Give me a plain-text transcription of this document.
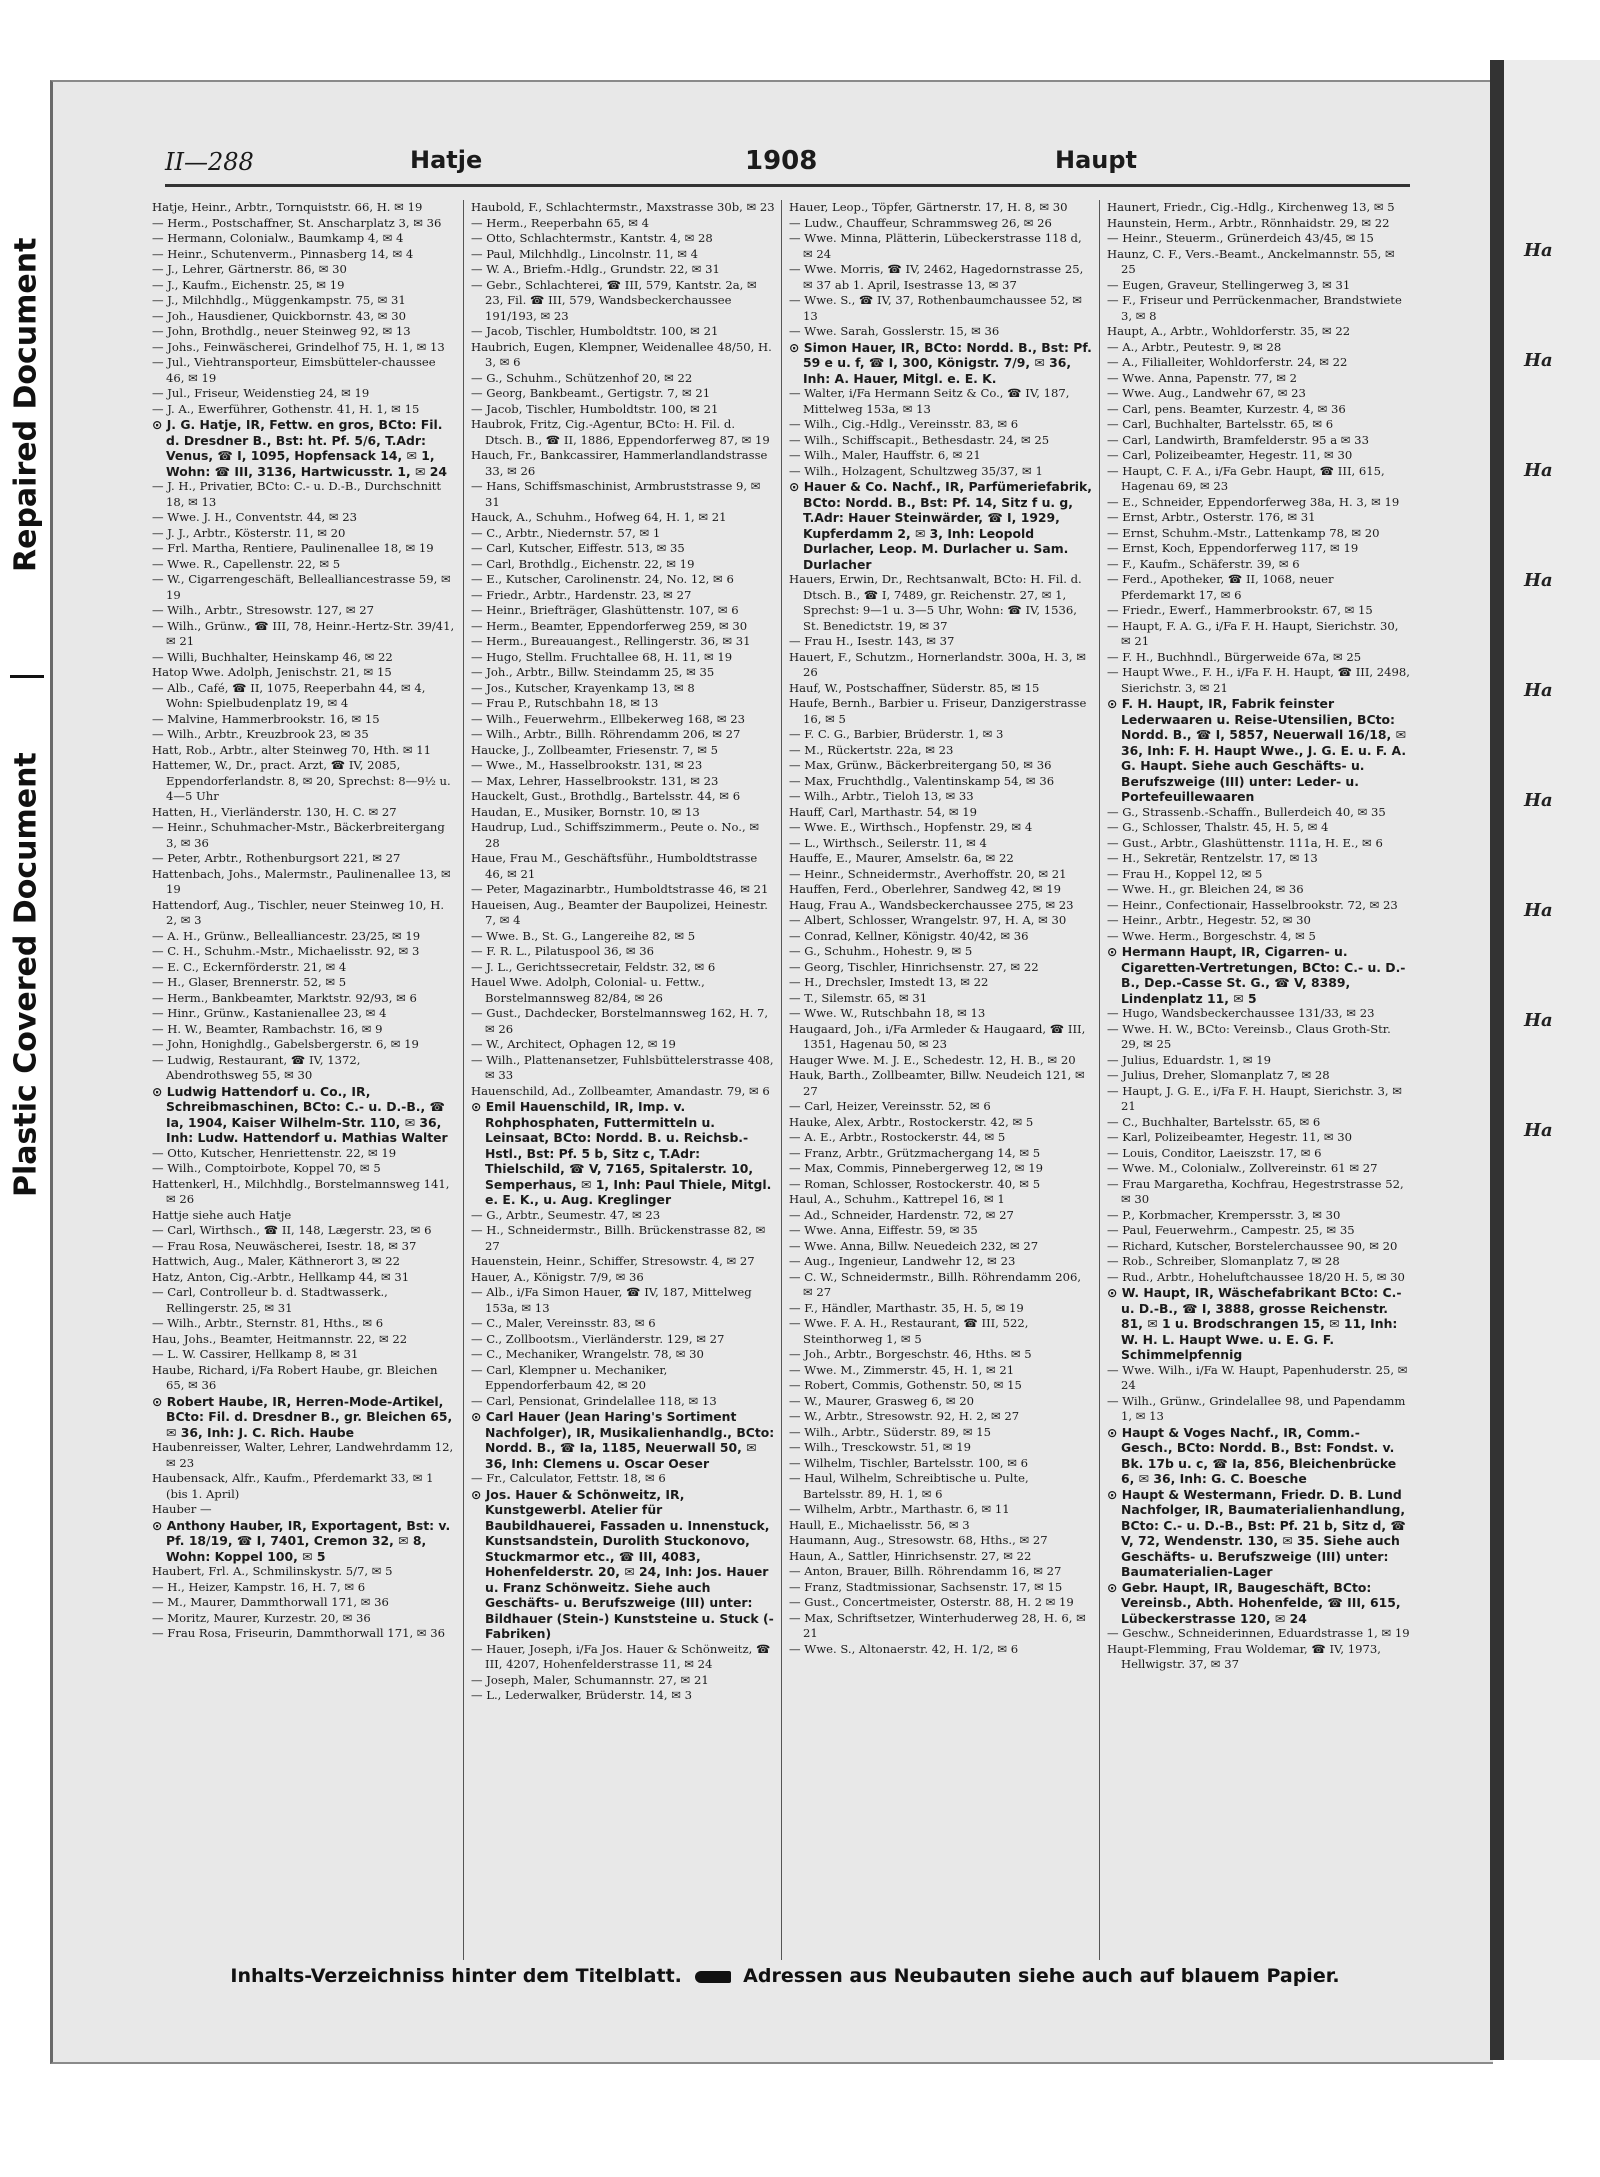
Repaired Document
Plastic Covered Document
Ha
Ha
Ha
Ha
Ha
Ha
Ha
Ha
Ha
II—288	Hatje	1908	Haupt

Hatje, Heinr., Arbtr., Tornquiststr. 66, H. ✉ 19

— Herm., Postschaffner, St. Anscharplatz 3, ✉ 36

— Hermann, Colonialw., Baumkamp 4, ✉ 4

— Heinr., Schutenverm., Pinnasberg 14, ✉ 4

— J., Lehrer, Gärtnerstr. 86, ✉ 30

— J., Kaufm., Eichenstr. 25, ✉ 19

— J., Milchhdlg., Müggenkampstr. 75, ✉ 31

— Joh., Hausdiener, Quickbornstr. 43, ✉ 30

— John, Brothdlg., neuer Steinweg 92, ✉ 13

— Johs., Feinwäscherei, Grindelhof 75, H. 1, ✉ 13

— Jul., Viehtransporteur, Eimsbütteler-chaussee 46, ✉ 19

— Jul., Friseur, Weidenstieg 24, ✉ 19

— J. A., Ewerführer, Gothenstr. 41, H. 1, ✉ 15

⊙ J. G. Hatje, IR, Fettw. en gros, BCto: Fil. d. Dresdner B., Bst: ht. Pf. 5/6, T.Adr: Venus, ☎ I, 1095, Hopfensack 14, ✉ 1, Wohn: ☎ III, 3136, Hartwicusstr. 1, ✉ 24

— J. H., Privatier, BCto: C.- u. D.-B., Durchschnitt 18, ✉ 13

— Wwe. J. H., Conventstr. 44, ✉ 23

— J. J., Arbtr., Kösterstr. 11, ✉ 20

— Frl. Martha, Rentiere, Paulinenallee 18, ✉ 19

— Wwe. R., Capellenstr. 22, ✉ 5

— W., Cigarrengeschäft, Bellealliancestrasse 59, ✉ 19

— Wilh., Arbtr., Stresowstr. 127, ✉ 27

— Wilh., Grünw., ☎ III, 78, Heinr.-Hertz-Str. 39/41, ✉ 21

— Willi, Buchhalter, Heinskamp 46, ✉ 22

Hatop Wwe. Adolph, Jenischstr. 21, ✉ 15

— Alb., Café, ☎ II, 1075, Reeperbahn 44, ✉ 4, Wohn: Spielbudenplatz 19, ✉ 4

— Malvine, Hammerbrookstr. 16, ✉ 15

— Wilh., Arbtr., Kreuzbrook 23, ✉ 35

Hatt, Rob., Arbtr., alter Steinweg 70, Hth. ✉ 11

Hattemer, W., Dr., pract. Arzt, ☎ IV, 2085, Eppendorferlandstr. 8, ✉ 20, Sprechst: 8—9½ u. 4—5 Uhr

Hatten, H., Vierländerstr. 130, H. C. ✉ 27

— Heinr., Schuhmacher-Mstr., Bäckerbreitergang 3, ✉ 36

— Peter, Arbtr., Rothenburgsort 221, ✉ 27

Hattenbach, Johs., Malermstr., Paulinenallee 13, ✉ 19

Hattendorf, Aug., Tischler, neuer Steinweg 10, H. 2, ✉ 3

— A. H., Grünw., Bellealliancestr. 23/25, ✉ 19

— C. H., Schuhm.-Mstr., Michaelisstr. 92, ✉ 3

— E. C., Eckernförderstr. 21, ✉ 4

— H., Glaser, Brennerstr. 52, ✉ 5

— Herm., Bankbeamter, Marktstr. 92/93, ✉ 6

— Hinr., Grünw., Kastanienallee 23, ✉ 4

— H. W., Beamter, Rambachstr. 16, ✉ 9

— John, Honighdlg., Gabelsbergerstr. 6, ✉ 19

— Ludwig, Restaurant, ☎ IV, 1372, Abendrothsweg 55, ✉ 30

⊙ Ludwig Hattendorf u. Co., IR, Schreibmaschinen, BCto: C.- u. D.-B., ☎ Ia, 1904, Kaiser Wilhelm-Str. 110, ✉ 36, Inh: Ludw. Hattendorf u. Mathias Walter

— Otto, Kutscher, Henriettenstr. 22, ✉ 19

— Wilh., Comptoirbote, Koppel 70, ✉ 5

Hattenkerl, H., Milchhdlg., Borstelmannsweg 141, ✉ 26

Hattje siehe auch Hatje

— Carl, Wirthsch., ☎ II, 148, Lægerstr. 23, ✉ 6

— Frau Rosa, Neuwäscherei, Isestr. 18, ✉ 37

Hattwich, Aug., Maler, Käthnerort 3, ✉ 22

Hatz, Anton, Cig.-Arbtr., Hellkamp 44, ✉ 31

— Carl, Controlleur b. d. Stadtwasserk., Rellingerstr. 25, ✉ 31

— Wilh., Arbtr., Sternstr. 81, Hths., ✉ 6

Hau, Johs., Beamter, Heitmannstr. 22, ✉ 22

— L. W. Cassirer, Hellkamp 8, ✉ 31

Haube, Richard, i/Fa Robert Haube, gr. Bleichen 65, ✉ 36

⊙ Robert Haube, IR, Herren-Mode-Artikel, BCto: Fil. d. Dresdner B., gr. Bleichen 65, ✉ 36, Inh: J. C. Rich. Haube

Haubenreisser, Walter, Lehrer, Landwehrdamm 12, ✉ 23

Haubensack, Alfr., Kaufm., Pferdemarkt 33, ✉ 1 (bis 1. April)

Hauber —

⊙ Anthony Hauber, IR, Exportagent, Bst: v. Pf. 18/19, ☎ I, 7401, Cremon 32, ✉ 8, Wohn: Koppel 100, ✉ 5

Haubert, Frl. A., Schmilinskystr. 5/7, ✉ 5

— H., Heizer, Kampstr. 16, H. 7, ✉ 6

— M., Maurer, Dammthorwall 171, ✉ 36

— Moritz, Maurer, Kurzestr. 20, ✉ 36

— Frau Rosa, Friseurin, Dammthorwall 171, ✉ 36

Haubold, F., Schlachtermstr., Maxstrasse 30b, ✉ 23

— Herm., Reeperbahn 65, ✉ 4

— Otto, Schlachtermstr., Kantstr. 4, ✉ 28

— Paul, Milchhdlg., Lincolnstr. 11, ✉ 4

— W. A., Briefm.-Hdlg., Grundstr. 22, ✉ 31

— Gebr., Schlachterei, ☎ III, 579, Kantstr. 2a, ✉ 23, Fil. ☎ III, 579, Wandsbeckerchaussee 191/193, ✉ 23

— Jacob, Tischler, Humboldtstr. 100, ✉ 21

Haubrich, Eugen, Klempner, Weidenallee 48/50, H. 3, ✉ 6

— G., Schuhm., Schützenhof 20, ✉ 22

— Georg, Bankbeamt., Gertigstr. 7, ✉ 21

— Jacob, Tischler, Humboldtstr. 100, ✉ 21

Haubrok, Fritz, Cig.-Agentur, BCto: H. Fil. d. Dtsch. B., ☎ II, 1886, Eppendorferweg 87, ✉ 19

Hauch, Fr., Bankcassirer, Hammerlandlandstrasse 33, ✉ 26

— Hans, Schiffsmaschinist, Armbruststrasse 9, ✉ 31

Hauck, A., Schuhm., Hofweg 64, H. 1, ✉ 21

— C., Arbtr., Niedernstr. 57, ✉ 1

— Carl, Kutscher, Eiffestr. 513, ✉ 35

— Carl, Brothdlg., Eichenstr. 22, ✉ 19

— E., Kutscher, Carolinenstr. 24, No. 12, ✉ 6

— Friedr., Arbtr., Hardenstr. 23, ✉ 27

— Heinr., Briefträger, Glashüttenstr. 107, ✉ 6

— Herm., Beamter, Eppendorferweg 259, ✉ 30

— Herm., Bureauangest., Rellingerstr. 36, ✉ 31

— Hugo, Stellm. Fruchtallee 68, H. 11, ✉ 19

— Joh., Arbtr., Billw. Steindamm 25, ✉ 35

— Jos., Kutscher, Krayenkamp 13, ✉ 8

— Frau P., Rutschbahn 18, ✉ 13

— Wilh., Feuerwehrm., Ellbekerweg 168, ✉ 23

— Wilh., Arbtr., Billh. Röhrendamm 206, ✉ 27

Haucke, J., Zollbeamter, Friesenstr. 7, ✉ 5

— Wwe., M., Hasselbrookstr. 131, ✉ 23

— Max, Lehrer, Hasselbrookstr. 131, ✉ 23

Hauckelt, Gust., Brothdlg., Bartelsstr. 44, ✉ 6

Haudan, E., Musiker, Bornstr. 10, ✉ 13

Haudrup, Lud., Schiffszimmerm., Peute o. No., ✉ 28

Haue, Frau M., Geschäftsführ., Humboldtstrasse 46, ✉ 21

— Peter, Magazinarbtr., Humboldtstrasse 46, ✉ 21

Haueisen, Aug., Beamter der Baupolizei, Heinestr. 7, ✉ 4

— Wwe. B., St. G., Langereihe 82, ✉ 5

— F. R. L., Pilatuspool 36, ✉ 36

— J. L., Gerichtssecretair, Feldstr. 32, ✉ 6

Hauel Wwe. Adolph, Colonial- u. Fettw., Borstelmannsweg 82/84, ✉ 26

— Gust., Dachdecker, Borstelmannsweg 162, H. 7, ✉ 26

— W., Architect, Ophagen 12, ✉ 19

— Wilh., Plattenansetzer, Fuhlsbüttelerstrasse 408, ✉ 33

Hauenschild, Ad., Zollbeamter, Amandastr. 79, ✉ 6

⊙ Emil Hauenschild, IR, Imp. v. Rohphosphaten, Futtermitteln u. Leinsaat, BCto: Nordd. B. u. Reichsb.-Hstl., Bst: Pf. 5 b, Sitz c, T.Adr: Thielschild, ☎ V, 7165, Spitalerstr. 10, Semperhaus, ✉ 1, Inh: Paul Thiele, Mitgl. e. E. K., u. Aug. Kreglinger

— G., Arbtr., Seumestr. 47, ✉ 23

— H., Schneidermstr., Billh. Brückenstrasse 82, ✉ 27

Hauenstein, Heinr., Schiffer, Stresowstr. 4, ✉ 27

Hauer, A., Königstr. 7/9, ✉ 36

— Alb., i/Fa Simon Hauer, ☎ IV, 187, Mittelweg 153a, ✉ 13

— C., Maler, Vereinsstr. 83, ✉ 6

— C., Zollbootsm., Vierländerstr. 129, ✉ 27

— C., Mechaniker, Wrangelstr. 78, ✉ 30

— Carl, Klempner u. Mechaniker, Eppendorferbaum 42, ✉ 20

— Carl, Pensionat, Grindelallee 118, ✉ 13

⊙ Carl Hauer (Jean Haring's Sortiment Nachfolger), IR, Musikalienhandlg., BCto: Nordd. B., ☎ Ia, 1185, Neuerwall 50, ✉ 36, Inh: Clemens u. Oscar Oeser

— Fr., Calculator, Fettstr. 18, ✉ 6

⊙ Jos. Hauer & Schönweitz, IR, Kunstgewerbl. Atelier für Baubildhauerei, Fassaden u. Innenstuck, Kunstsandstein, Durolith Stuckonovo, Stuckmarmor etc., ☎ III, 4083, Hohenfelderstr. 20, ✉ 24, Inh: Jos. Hauer u. Franz Schönweitz. Siehe auch Geschäfts- u. Berufszweige (III) unter: Bildhauer (Stein-) Kunststeine u. Stuck (-Fabriken)

— Hauer, Joseph, i/Fa Jos. Hauer & Schönweitz, ☎ III, 4207, Hohenfelderstrasse 11, ✉ 24

— Joseph, Maler, Schumannstr. 27, ✉ 21

— L., Lederwalker, Brüderstr. 14, ✉ 3

Hauer, Leop., Töpfer, Gärtnerstr. 17, H. 8, ✉ 30

— Ludw., Chauffeur, Schrammsweg 26, ✉ 26

— Wwe. Minna, Plätterin, Lübeckerstrasse 118 d, ✉ 24

— Wwe. Morris, ☎ IV, 2462, Hagedornstrasse 25, ✉ 37 ab 1. April, Isestrasse 13, ✉ 37

— Wwe. S., ☎ IV, 37, Rothenbaumchaussee 52, ✉ 13

— Wwe. Sarah, Gosslerstr. 15, ✉ 36

⊙ Simon Hauer, IR, BCto: Nordd. B., Bst: Pf. 59 e u. f, ☎ I, 300, Königstr. 7/9, ✉ 36, Inh: A. Hauer, Mitgl. e. E. K.

— Walter, i/Fa Hermann Seitz & Co., ☎ IV, 187, Mittelweg 153a, ✉ 13

— Wilh., Cig.-Hdlg., Vereinsstr. 83, ✉ 6

— Wilh., Schiffscapit., Bethesdastr. 24, ✉ 25

— Wilh., Maler, Hauffstr. 6, ✉ 21

— Wilh., Holzagent, Schultzweg 35/37, ✉ 1

⊙ Hauer & Co. Nachf., IR, Parfümeriefabrik, BCto: Nordd. B., Bst: Pf. 14, Sitz f u. g, T.Adr: Hauer Steinwärder, ☎ I, 1929, Kupferdamm 2, ✉ 3, Inh: Leopold Durlacher, Leop. M. Durlacher u. Sam. Durlacher

Hauers, Erwin, Dr., Rechtsanwalt, BCto: H. Fil. d. Dtsch. B., ☎ I, 7489, gr. Reichenstr. 27, ✉ 1, Sprechst: 9—1 u. 3—5 Uhr, Wohn: ☎ IV, 1536, St. Benedictstr. 19, ✉ 37

— Frau H., Isestr. 143, ✉ 37

Hauert, F., Schutzm., Hornerlandstr. 300a, H. 3, ✉ 26

Hauf, W., Postschaffner, Süderstr. 85, ✉ 15

Haufe, Bernh., Barbier u. Friseur, Danzigerstrasse 16, ✉ 5

— F. C. G., Barbier, Brüderstr. 1, ✉ 3

— M., Rückertstr. 22a, ✉ 23

— Max, Grünw., Bäckerbreitergang 50, ✉ 36

— Max, Fruchthdlg., Valentinskamp 54, ✉ 36

— Wilh., Arbtr., Tieloh 13, ✉ 33

Hauff, Carl, Marthastr. 54, ✉ 19

— Wwe. E., Wirthsch., Hopfenstr. 29, ✉ 4

— L., Wirthsch., Seilerstr. 11, ✉ 4

Hauffe, E., Maurer, Amselstr. 6a, ✉ 22

— Heinr., Schneidermstr., Averhoffstr. 20, ✉ 21

Hauffen, Ferd., Oberlehrer, Sandweg 42, ✉ 19

Haug, Frau A., Wandsbeckerchaussee 275, ✉ 23

— Albert, Schlosser, Wrangelstr. 97, H. A, ✉ 30

— Conrad, Kellner, Königstr. 40/42, ✉ 36

— G., Schuhm., Hohestr. 9, ✉ 5

— Georg, Tischler, Hinrichsenstr. 27, ✉ 22

— H., Drechsler, Imstedt 13, ✉ 22

— T., Silemstr. 65, ✉ 31

— Wwe. W., Rutschbahn 18, ✉ 13

Haugaard, Joh., i/Fa Armleder & Haugaard, ☎ III, 1351, Hagenau 50, ✉ 23

Hauger Wwe. M. J. E., Schedestr. 12, H. B., ✉ 20

Hauk, Barth., Zollbeamter, Billw. Neudeich 121, ✉ 27

— Carl, Heizer, Vereinsstr. 52, ✉ 6

Hauke, Alex, Arbtr., Rostockerstr. 42, ✉ 5

— A. E., Arbtr., Rostockerstr. 44, ✉ 5

— Franz, Arbtr., Grützmachergang 14, ✉ 5

— Max, Commis, Pinnebergerweg 12, ✉ 19

— Roman, Schlosser, Rostockerstr. 40, ✉ 5

Haul, A., Schuhm., Kattrepel 16, ✉ 1

— Ad., Schneider, Hardenstr. 72, ✉ 27

— Wwe. Anna, Eiffestr. 59, ✉ 35

— Wwe. Anna, Billw. Neuedeich 232, ✉ 27

— Aug., Ingenieur, Landwehr 12, ✉ 23

— C. W., Schneidermstr., Billh. Röhrendamm 206, ✉ 27

— F., Händler, Marthastr. 35, H. 5, ✉ 19

— Wwe. F. A. H., Restaurant, ☎ III, 522, Steinthorweg 1, ✉ 5

— Joh., Arbtr., Borgeschstr. 46, Hths. ✉ 5

— Wwe. M., Zimmerstr. 45, H. 1, ✉ 21

— Robert, Commis, Gothenstr. 50, ✉ 15

— W., Maurer, Grasweg 6, ✉ 20

— W., Arbtr., Stresowstr. 92, H. 2, ✉ 27

— Wilh., Arbtr., Süderstr. 89, ✉ 15

— Wilh., Tresckowstr. 51, ✉ 19

— Wilhelm, Tischler, Bartelsstr. 100, ✉ 6

— Haul, Wilhelm, Schreibtische u. Pulte, Bartelsstr. 89, H. 1, ✉ 6

— Wilhelm, Arbtr., Marthastr. 6, ✉ 11

Haull, E., Michaelisstr. 56, ✉ 3

Haumann, Aug., Stresowstr. 68, Hths., ✉ 27

Haun, A., Sattler, Hinrichsenstr. 27, ✉ 22

— Anton, Brauer, Billh. Röhrendamm 16, ✉ 27

— Franz, Stadtmissionar, Sachsenstr. 17, ✉ 15

— Gust., Concertmeister, Osterstr. 88, H. 2 ✉ 19

— Max, Schriftsetzer, Winterhuderweg 28, H. 6, ✉ 21

— Wwe. S., Altonaerstr. 42, H. 1/2, ✉ 6

Haunert, Friedr., Cig.-Hdlg., Kirchenweg 13, ✉ 5

Haunstein, Herm., Arbtr., Rönnhaidstr. 29, ✉ 22

— Heinr., Steuerm., Grünerdeich 43/45, ✉ 15

Haunz, C. F., Vers.-Beamt., Anckelmannstr. 55, ✉ 25

— Eugen, Graveur, Stellingerweg 3, ✉ 31

— F., Friseur und Perrückenmacher, Brandstwiete 3, ✉ 8

Haupt, A., Arbtr., Wohldorferstr. 35, ✉ 22

— A., Arbtr., Peutestr. 9, ✉ 28

— A., Filialleiter, Wohldorferstr. 24, ✉ 22

— Wwe. Anna, Papenstr. 77, ✉ 2

— Wwe. Aug., Landwehr 67, ✉ 23

— Carl, pens. Beamter, Kurzestr. 4, ✉ 36

— Carl, Buchhalter, Bartelsstr. 65, ✉ 6

— Carl, Landwirth, Bramfelderstr. 95 a ✉ 33

— Carl, Polizeibeamter, Hegestr. 11, ✉ 30

— Haupt, C. F. A., i/Fa Gebr. Haupt, ☎ III, 615, Hagenau 69, ✉ 23

— E., Schneider, Eppendorferweg 38a, H. 3, ✉ 19

— Ernst, Arbtr., Osterstr. 176, ✉ 31

— Ernst, Schuhm.-Mstr., Lattenkamp 78, ✉ 20

— Ernst, Koch, Eppendorferweg 117, ✉ 19

— F., Kaufm., Schäferstr. 39, ✉ 6

— Ferd., Apotheker, ☎ II, 1068, neuer Pferdemarkt 17, ✉ 6

— Friedr., Ewerf., Hammerbrookstr. 67, ✉ 15

— Haupt, F. A. G., i/Fa F. H. Haupt, Sierichstr. 30, ✉ 21

— F. H., Buchhndl., Bürgerweide 67a, ✉ 25

— Haupt Wwe., F. H., i/Fa F. H. Haupt, ☎ III, 2498, Sierichstr. 3, ✉ 21

⊙ F. H. Haupt, IR, Fabrik feinster Lederwaaren u. Reise-Utensilien, BCto: Nordd. B., ☎ I, 5857, Neuerwall 16/18, ✉ 36, Inh: F. H. Haupt Wwe., J. G. E. u. F. A. G. Haupt. Siehe auch Geschäfts- u. Berufszweige (III) unter: Leder- u. Portefeuillewaaren

— G., Strassenb.-Schaffn., Bullerdeich 40, ✉ 35

— G., Schlosser, Thalstr. 45, H. 5, ✉ 4

— Gust., Arbtr., Glashüttenstr. 111a, H. E., ✉ 6

— H., Sekretär, Rentzelstr. 17, ✉ 13

— Frau H., Koppel 12, ✉ 5

— Wwe. H., gr. Bleichen 24, ✉ 36

— Heinr., Confectionair, Hasselbrookstr. 72, ✉ 23

— Heinr., Arbtr., Hegestr. 52, ✉ 30

— Wwe. Herm., Borgeschstr. 4, ✉ 5

⊙ Hermann Haupt, IR, Cigarren- u. Cigaretten-Vertretungen, BCto: C.- u. D.-B., Dep.-Casse St. G., ☎ V, 8389, Lindenplatz 11, ✉ 5

— Hugo, Wandsbeckerchaussee 131/33, ✉ 23

— Wwe. H. W., BCto: Vereinsb., Claus Groth-Str. 29, ✉ 25

— Julius, Eduardstr. 1, ✉ 19

— Julius, Dreher, Slomanplatz 7, ✉ 28

— Haupt, J. G. E., i/Fa F. H. Haupt, Sierichstr. 3, ✉ 21

— C., Buchhalter, Bartelsstr. 65, ✉ 6

— Karl, Polizeibeamter, Hegestr. 11, ✉ 30

— Louis, Conditor, Laeiszstr. 17, ✉ 6

— Wwe. M., Colonialw., Zollvereinstr. 61 ✉ 27

— Frau Margaretha, Kochfrau, Hegestrstrasse 52, ✉ 30

— P., Korbmacher, Krempersstr. 3, ✉ 30

— Paul, Feuerwehrm., Campestr. 25, ✉ 35

— Richard, Kutscher, Borstelerchaussee 90, ✉ 20

— Rob., Schreiber, Slomanplatz 7, ✉ 28

— Rud., Arbtr., Hoheluftchaussee 18/20 H. 5, ✉ 30

⊙ W. Haupt, IR, Wäschefabrikant BCto: C.- u. D.-B., ☎ I, 3888, grosse Reichenstr. 81, ✉ 1 u. Brodschrangen 15, ✉ 11, Inh: W. H. L. Haupt Wwe. u. E. G. F. Schimmelpfennig

— Wwe. Wilh., i/Fa W. Haupt, Papenhuderstr. 25, ✉ 24

— Wilh., Grünw., Grindelallee 98, und Papendamm 1, ✉ 13

⊙ Haupt & Voges Nachf., IR, Comm.-Gesch., BCto: Nordd. B., Bst: Fondst. v. Bk. 17b u. c, ☎ Ia, 856, Bleichenbrücke 6, ✉ 36, Inh: G. C. Boesche

⊙ Haupt & Westermann, Friedr. D. B. Lund Nachfolger, IR, Baumaterialienhandlung, BCto: C.- u. D.-B., Bst: Pf. 21 b, Sitz d, ☎ V, 72, Wendenstr. 130, ✉ 35. Siehe auch Geschäfts- u. Berufszweige (III) unter: Baumaterialien-Lager

⊙ Gebr. Haupt, IR, Baugeschäft, BCto: Vereinsb., Abth. Hohenfelde, ☎ III, 615, Lübeckerstrasse 120, ✉ 24

— Geschw., Schneiderinnen, Eduardstrasse 1, ✉ 19

Haupt-Flemming, Frau Woldemar, ☎ IV, 1973, Hellwigstr. 37, ✉ 37

Inhalts-Verzeichniss hinter dem Titelblatt.	Adressen aus Neubauten siehe auch auf blauem Papier.
